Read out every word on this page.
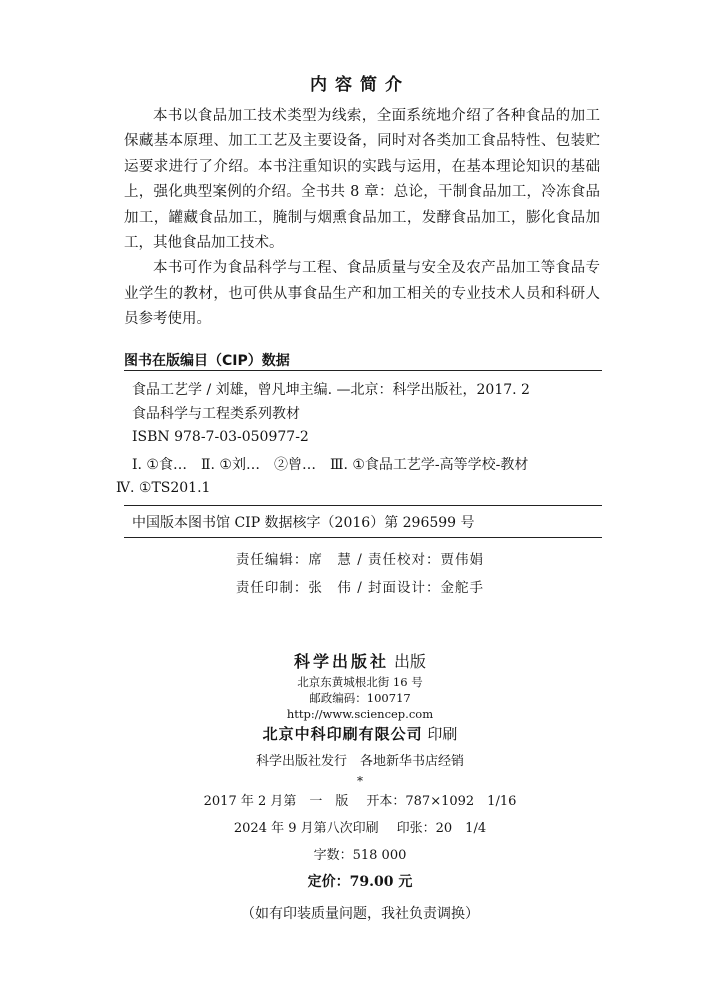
内容简介

本书以食品加工技术类型为线索，全面系统地介绍了各种食品的加工保藏基本原理、加工工艺及主要设备，同时对各类加工食品特性、包装贮运要求进行了介绍。本书注重知识的实践与运用，在基本理论知识的基础上，强化典型案例的介绍。全书共 8 章：总论，干制食品加工，冷冻食品加工，罐藏食品加工，腌制与烟熏食品加工，发酵食品加工，膨化食品加工，其他食品加工技术。

本书可作为食品科学与工程、食品质量与安全及农产品加工等食品专业学生的教材，也可供从事食品生产和加工相关的专业技术人员和科研人员参考使用。

图书在版编目（CIP）数据
食品工艺学 / 刘雄，曾凡坤主编. —北京：科学出版社，2017. 2
食品科学与工程类系列教材
ISBN 978-7-03-050977-2
Ⅰ. ①食…　Ⅱ. ①刘…　②曾…　Ⅲ. ①食品工艺学-高等学校-教材
Ⅳ. ①TS201.1
中国版本图书馆 CIP 数据核字（2016）第 296599 号
责任编辑：席　慧 / 责任校对：贾伟娟
责任印制：张　伟 / 封面设计：金舵手
科学出版社 出版
北京东黄城根北街 16 号
邮政编码：100717
http://www.sciencep.com
北京中科印刷有限公司 印刷
科学出版社发行　各地新华书店经销
*
2017 年 2 月第　一　版 开本：787×1092　1/16
2024 年 9 月第八次印刷 印张：20　1/4
字数：518 000
定价：79.00 元
（如有印装质量问题，我社负责调换）
